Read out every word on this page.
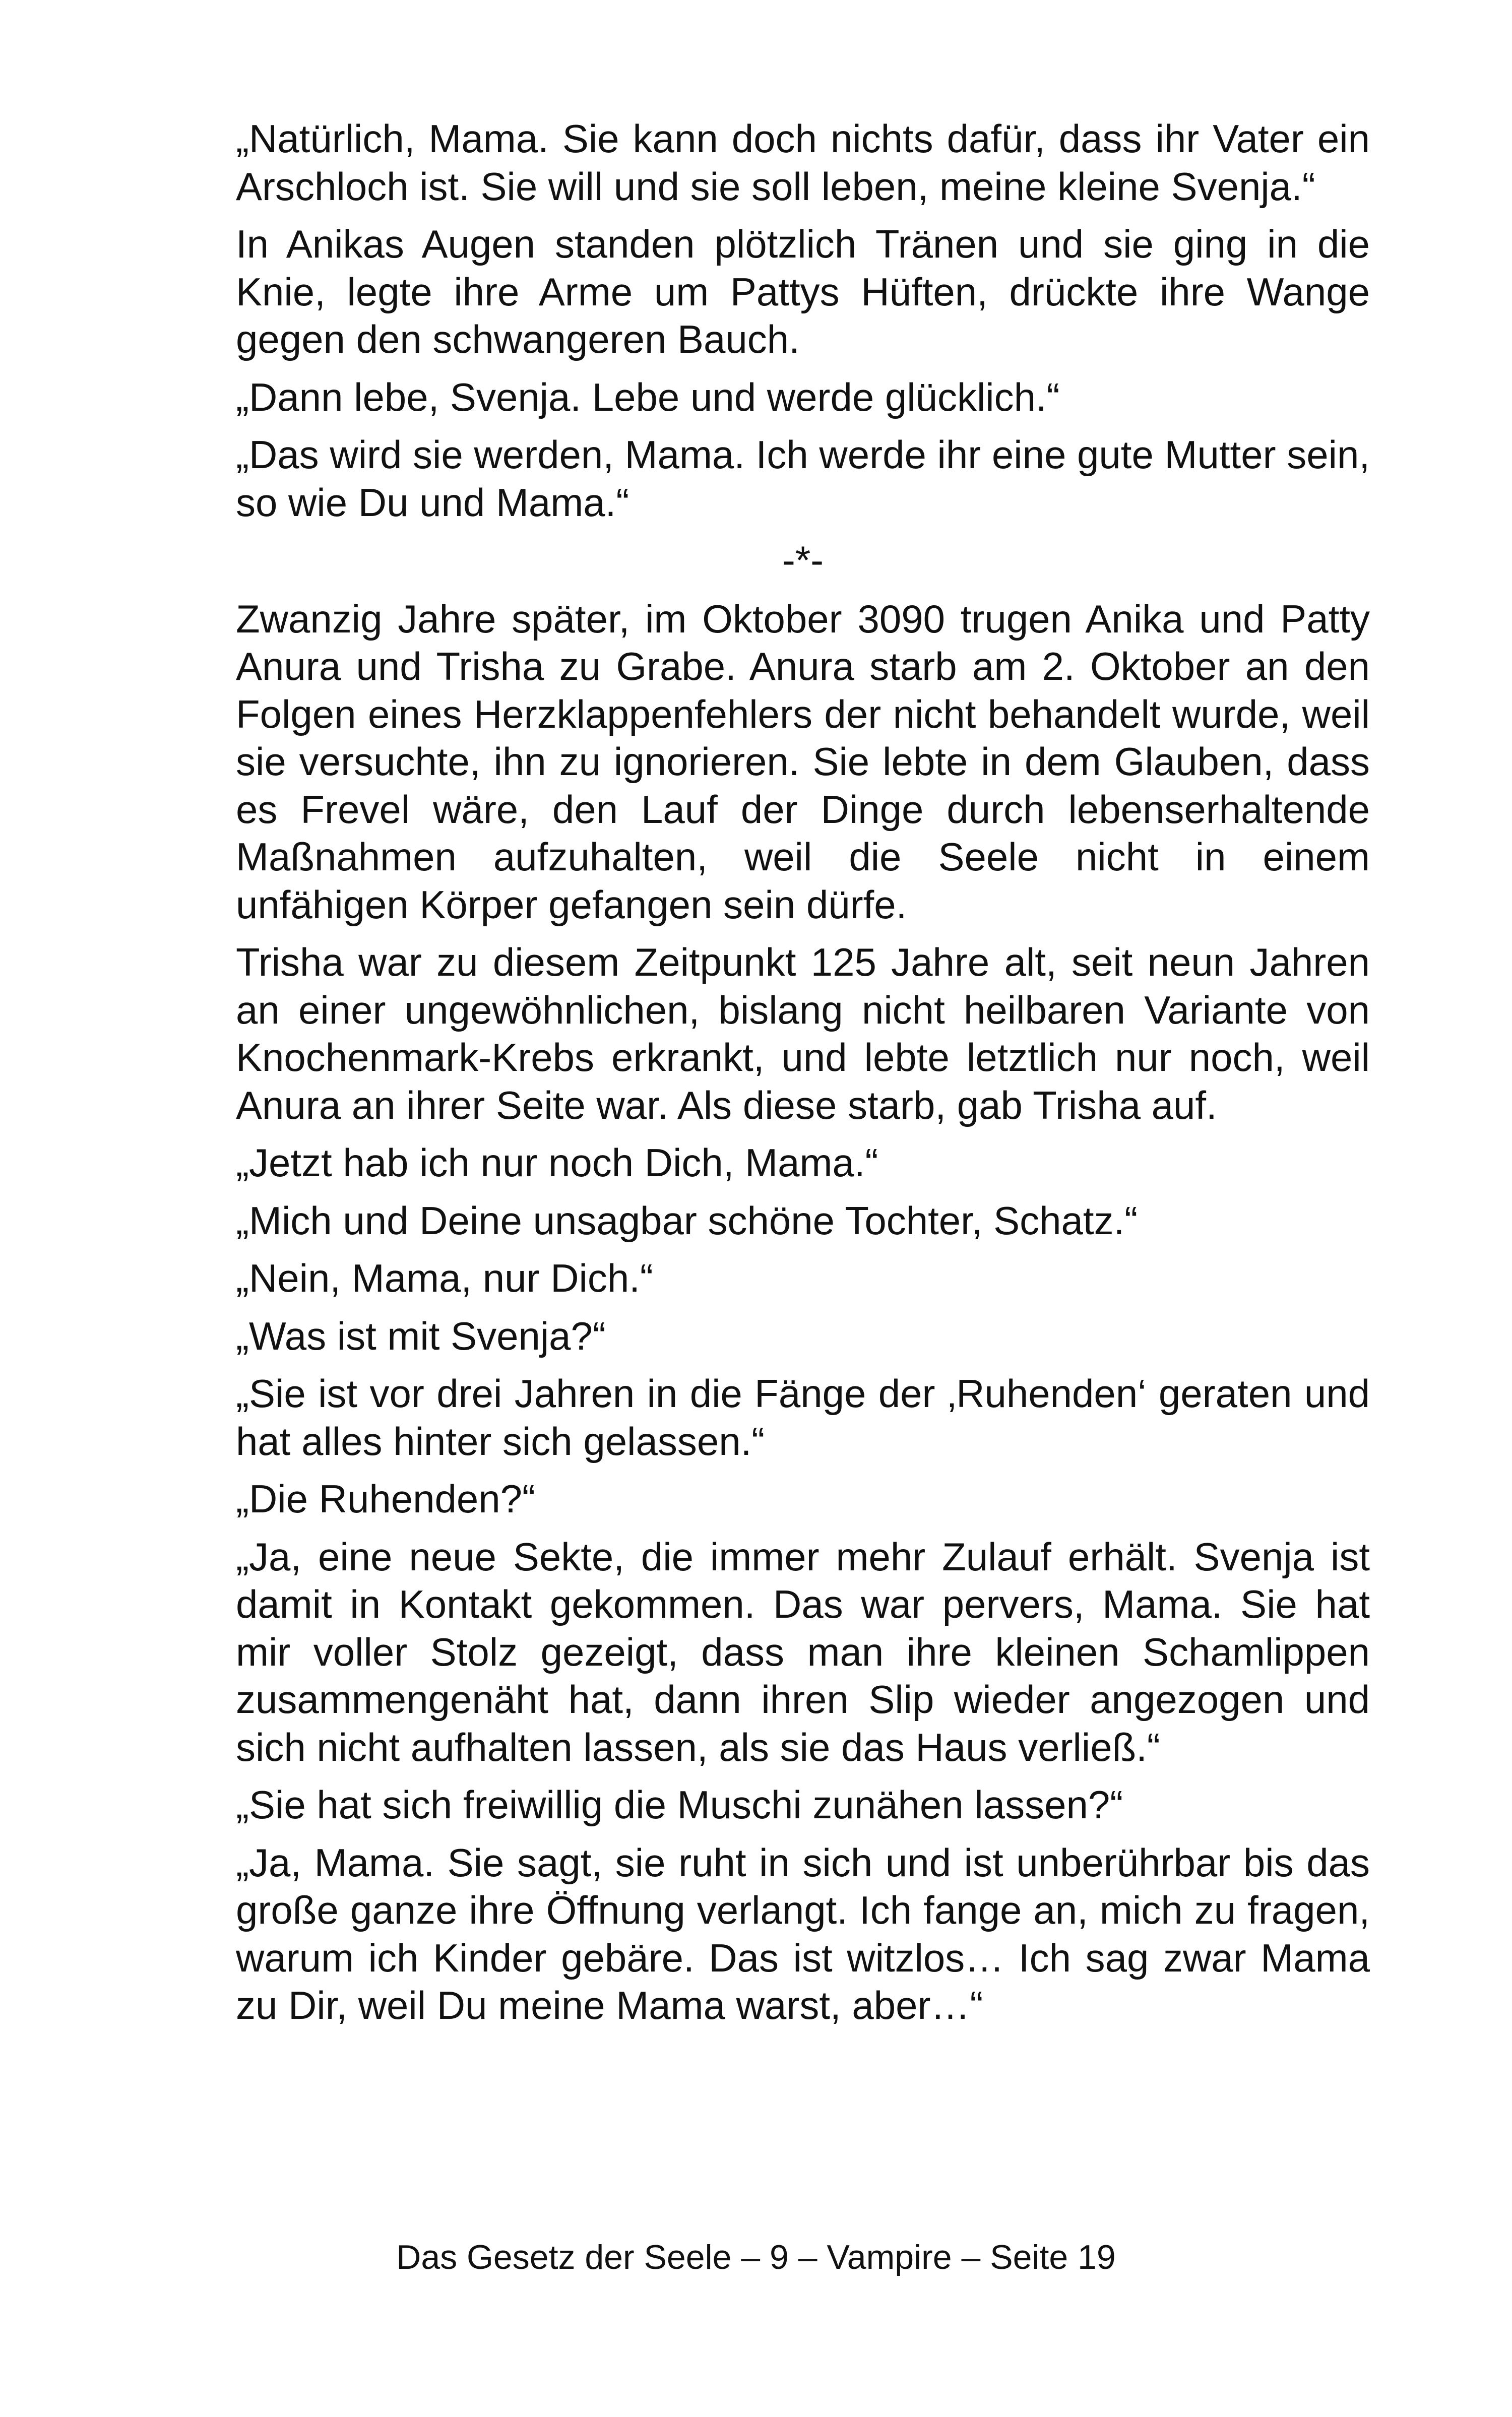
„Natürlich, Mama. Sie kann doch nichts dafür, dass ihr Vater ein Arschloch ist. Sie will und sie soll leben, meine kleine Svenja.“

In Anikas Augen standen plötzlich Tränen und sie ging in die Knie, legte ihre Arme um Pattys Hüften, drückte ihre Wange gegen den schwangeren Bauch.

„Dann lebe, Svenja. Lebe und werde glücklich.“

„Das wird sie werden, Mama. Ich werde ihr eine gute Mutter sein, so wie Du und Mama.“

-*-

Zwanzig Jahre später, im Oktober 3090 trugen Anika und Patty Anura und Trisha zu Grabe. Anura starb am 2. Oktober an den Folgen eines Herzklappenfehlers der nicht behandelt wurde, weil sie versuchte, ihn zu ignorieren. Sie lebte in dem Glauben, dass es Frevel wäre, den Lauf der Dinge durch lebenserhaltende Maßnahmen aufzuhalten, weil die Seele nicht in einem unfähigen Körper gefangen sein dürfe.

Trisha war zu diesem Zeitpunkt 125 Jahre alt, seit neun Jahren an einer ungewöhnlichen, bislang nicht heilbaren Variante von Knochenmark-Krebs erkrankt, und lebte letztlich nur noch, weil Anura an ihrer Seite war. Als diese starb, gab Trisha auf.

„Jetzt hab ich nur noch Dich, Mama.“

„Mich und Deine unsagbar schöne Tochter, Schatz.“

„Nein, Mama, nur Dich.“

„Was ist mit Svenja?“

„Sie ist vor drei Jahren in die Fänge der ‚Ruhenden‘ geraten und hat alles hinter sich gelassen.“

„Die Ruhenden?“

„Ja, eine neue Sekte, die immer mehr Zulauf erhält. Svenja ist damit in Kontakt gekommen. Das war pervers, Mama. Sie hat mir voller Stolz gezeigt, dass man ihre kleinen Schamlippen zusammengenäht hat, dann ihren Slip wieder angezogen und sich nicht aufhalten lassen, als sie das Haus verließ.“

„Sie hat sich freiwillig die Muschi zunähen lassen?“

„Ja, Mama. Sie sagt, sie ruht in sich und ist unberührbar bis das große ganze ihre Öffnung verlangt. Ich fange an, mich zu fragen, warum ich Kinder gebäre. Das ist witzlos… Ich sag zwar Mama zu Dir, weil Du meine Mama warst, aber…“

Das Gesetz der Seele – 9 – Vampire – Seite 19
